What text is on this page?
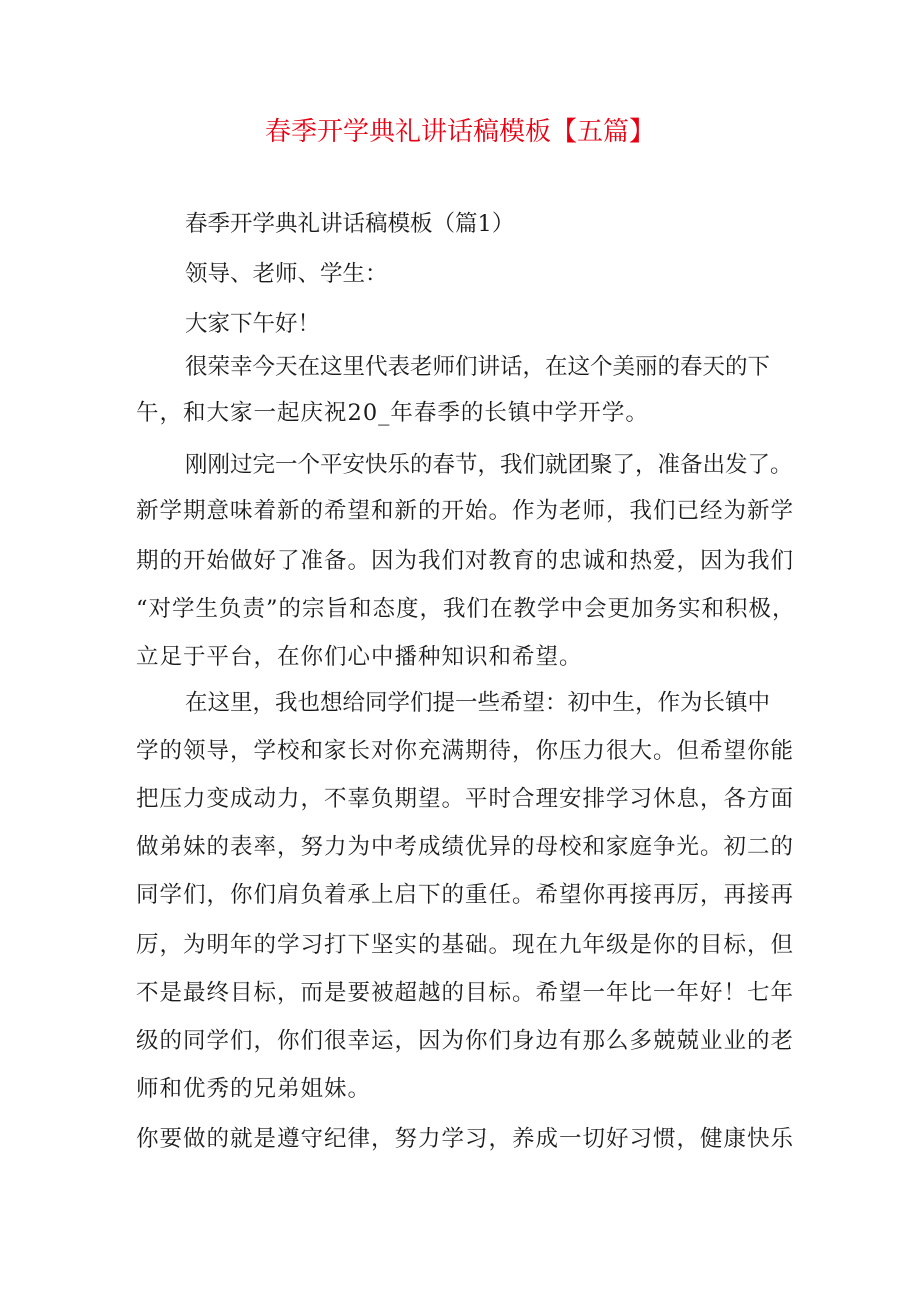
春季开学典礼讲话稿模板【五篇】
春季开学典礼讲话稿模板（篇1）
领导、老师、学生：
大家下午好！
很荣幸今天在这里代表老师们讲话，在这个美丽的春天的下
午，和大家一起庆祝20_年春季的长镇中学开学。
刚刚过完一个平安快乐的春节，我们就团聚了，准备出发了。
新学期意味着新的希望和新的开始。作为老师，我们已经为新学
期的开始做好了准备。因为我们对教育的忠诚和热爱，因为我们
“对学生负责”的宗旨和态度，我们在教学中会更加务实和积极，
立足于平台，在你们心中播种知识和希望。
在这里，我也想给同学们提一些希望：初中生，作为长镇中
学的领导，学校和家长对你充满期待，你压力很大。但希望你能
把压力变成动力，不辜负期望。平时合理安排学习休息，各方面
做弟妹的表率，努力为中考成绩优异的母校和家庭争光。初二的
同学们，你们肩负着承上启下的重任。希望你再接再厉，再接再
厉，为明年的学习打下坚实的基础。现在九年级是你的目标，但
不是最终目标，而是要被超越的目标。希望一年比一年好！七年
级的同学们，你们很幸运，因为你们身边有那么多兢兢业业的老
师和优秀的兄弟姐妹。
你要做的就是遵守纪律，努力学习，养成一切好习惯，健康快乐
